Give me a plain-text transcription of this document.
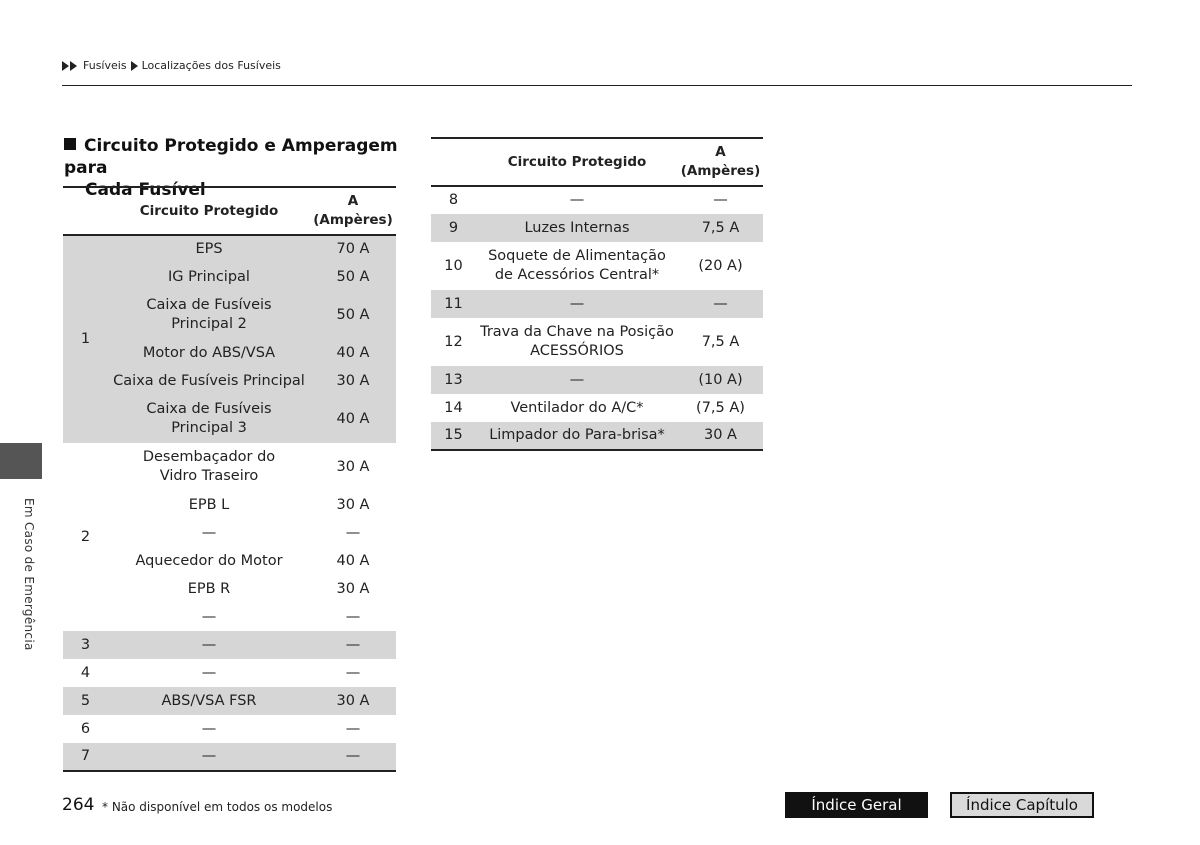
Fusíveis Localizações dos Fusíveis
Em Caso de Emergência
Circuito Protegido e Amperagem para
Cada Fusível
	Circuito Protegido	A
(Ampères)
1	EPS	70 A
	IG Principal	50 A
	Caixa de Fusíveis
Principal 2	50 A
	Motor do ABS/VSA	40 A
	Caixa de Fusíveis Principal	30 A
	Caixa de Fusíveis
Principal 3	40 A
2	Desembaçador do
Vidro Traseiro	30 A
	EPB L	30 A
	—	—
	Aquecedor do Motor	40 A
	EPB R	30 A
	—	—
3	—	—
4	—	—
5	ABS/VSA FSR	30 A
6	—	—
7	—	—
	Circuito Protegido	A
(Ampères)
8	—	—
9	Luzes Internas	7,5 A
10	Soquete de Alimentação
de Acessórios Central*	(20 A)
11	—	—
12	Trava da Chave na Posição
ACESSÓRIOS	7,5 A
13	—	(10 A)
14	Ventilador do A/C*	(7,5 A)
15	Limpador do Para-brisa*	30 A
264 * Não disponível em todos os modelos	Índice Geral	Índice Capítulo
